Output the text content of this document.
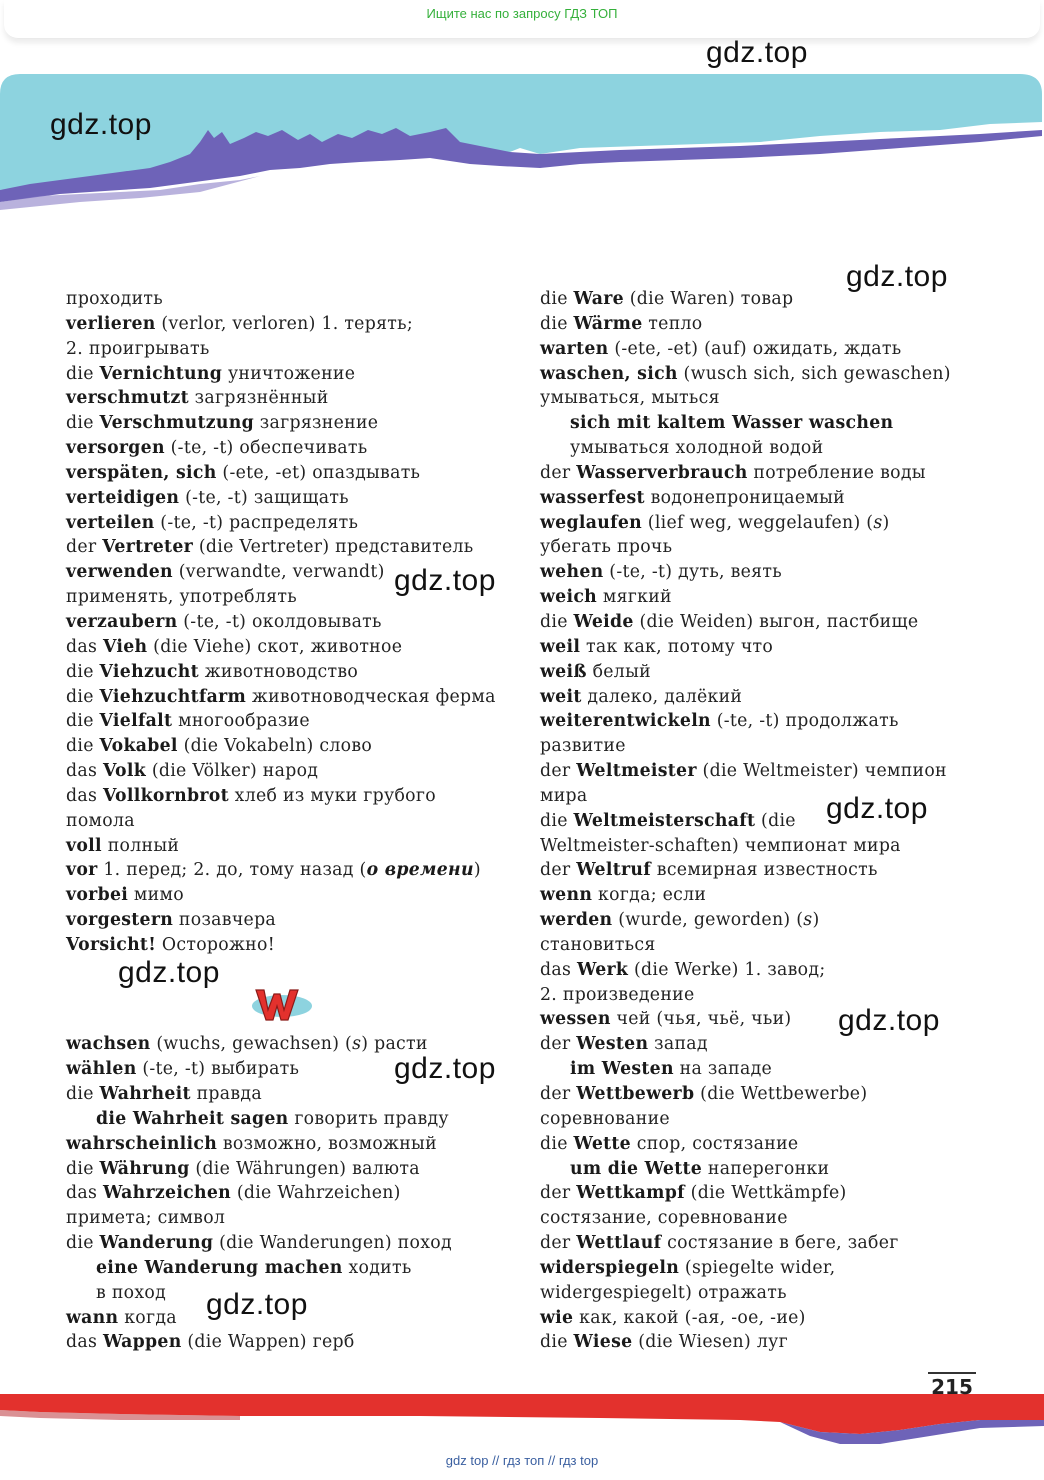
Ищите нас по запросу ГДЗ ТОП
gdz.top
gdz.top
gdz.top
gdz.top
gdz.top
gdz.top
gdz.top
gdz.top
gdz.top
проходить
verlieren (verlor, verloren) 1. терять;
2. проигрывать
die Vernichtung уничтожение
verschmutzt загрязнённый
die Verschmutzung загрязнение
versorgen (-te, -t) обеспечивать
verspäten, sich (-ete, -et) опаздывать
verteidigen (-te, -t) защищать
verteilen (-te, -t) распределять
der Vertreter (die Vertreter) представитель
verwenden (verwandte, verwandt)
применять, употреблять
verzaubern (-te, -t) околдовывать
das Vieh (die Viehe) скот, животное
die Viehzucht животноводство
die Viehzuchtfarm животноводческая ферма
die Vielfalt многообразие
die Vokabel (die Vokabeln) слово
das Volk (die Völker) народ
das Vollkornbrot хлеб из муки грубого
помола
voll полный
vor 1. перед; 2. до, тому назад (о времени)
vorbei мимо
vorgestern позавчера
Vorsicht! Осторожно!
wachsen (wuchs, gewachsen) (s) расти
wählen (-te, -t) выбирать
die Wahrheit правда
die Wahrheit sagen говорить правду
wahrscheinlich возможно, возможный
die Währung (die Währungen) валюта
das Wahrzeichen (die Wahrzeichen)
примета; символ
die Wanderung (die Wanderungen) поход
eine Wanderung machen ходить
в поход
wann когда
das Wappen (die Wappen) герб
die Ware (die Waren) товар
die Wärme тепло
warten (-ete, -et) (auf) ожидать, ждать
waschen, sich (wusch sich, sich gewaschen)
умываться, мыться
sich mit kaltem Wasser waschen
умываться холодной водой
der Wasserverbrauch потребление воды
wasserfest водонепроницаемый
weglaufen (lief weg, weggelaufen) (s)
убегать прочь
wehen (-te, -t) дуть, веять
weich мягкий
die Weide (die Weiden) выгон, пастбище
weil так как, потому что
weiß белый
weit далеко, далёкий
weiterentwickeln (-te, -t) продолжать
развитие
der Weltmeister (die Weltmeister) чемпион
мира
die Weltmeisterschaft (die
Weltmeister-schaften) чемпионат мира
der Weltruf всемирная известность
wenn когда; если
werden (wurde, geworden) (s)
становиться
das Werk (die Werke) 1. завод;
2. произведение
wessen чей (чья, чьё, чьи)
der Westen запад
im Westen на западе
der Wettbewerb (die Wettbewerbe)
соревнование
die Wette спор, состязание
um die Wette наперегонки
der Wettkampf (die Wettkämpfe)
состязание, соревнование
der Wettlauf состязание в беге, забег
widerspiegeln (spiegelte wider,
widergespiegelt) отражать
wie как, какой (-ая, -ое, -ие)
die Wiese (die Wiesen) луг
215
gdz top // гдз топ // гдз top
